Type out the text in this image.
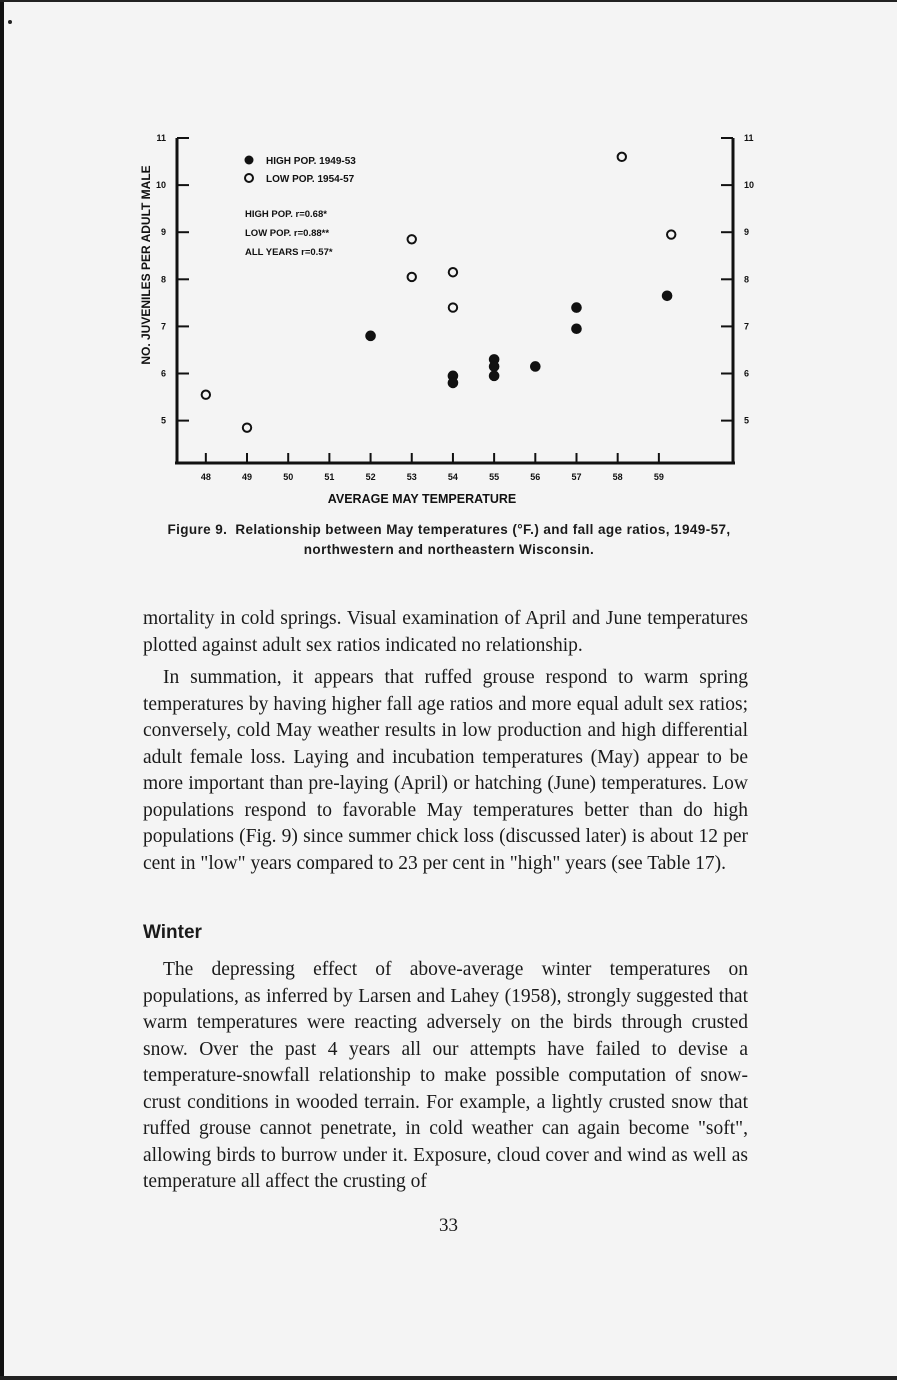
48	49	50	51	52	53	54	55	56	57	58	59
5	5
6	6
7	7
8	8
9	9
10	10
11	11
HIGH POP. 1949-53
LOW POP. 1954-57
HIGH POP. r=0.68*
LOW POP. r=0.88**
ALL YEARS r=0.57*
AVERAGE MAY TEMPERATURE
NO. JUVENILES PER ADULT MALE
Figure 9. Relationship between May temperatures (°F.) and fall age ratios, 1949-57, northwestern and northeastern Wisconsin.

mortality in cold springs. Visual examination of April and June temperatures plotted against adult sex ratios indicated no relationship.

In summation, it appears that ruffed grouse respond to warm spring temperatures by having higher fall age ratios and more equal adult sex ratios; conversely, cold May weather results in low production and high differential adult female loss. Laying and incubation temperatures (May) appear to be more important than pre-laying (April) or hatching (June) temperatures. Low populations respond to favorable May temperatures better than do high populations (Fig. 9) since summer chick loss (discussed later) is about 12 per cent in "low" years compared to 23 per cent in "high" years (see Table 17).

Winter

The depressing effect of above-average winter temperatures on populations, as inferred by Larsen and Lahey (1958), strongly suggested that warm temperatures were reacting adversely on the birds through crusted snow. Over the past 4 years all our attempts have failed to devise a temperature-snowfall relationship to make possible computation of snow-crust conditions in wooded terrain. For example, a lightly crusted snow that ruffed grouse cannot penetrate, in cold weather can again become "soft", allowing birds to burrow under it. Exposure, cloud cover and wind as well as temperature all affect the crusting of

33
